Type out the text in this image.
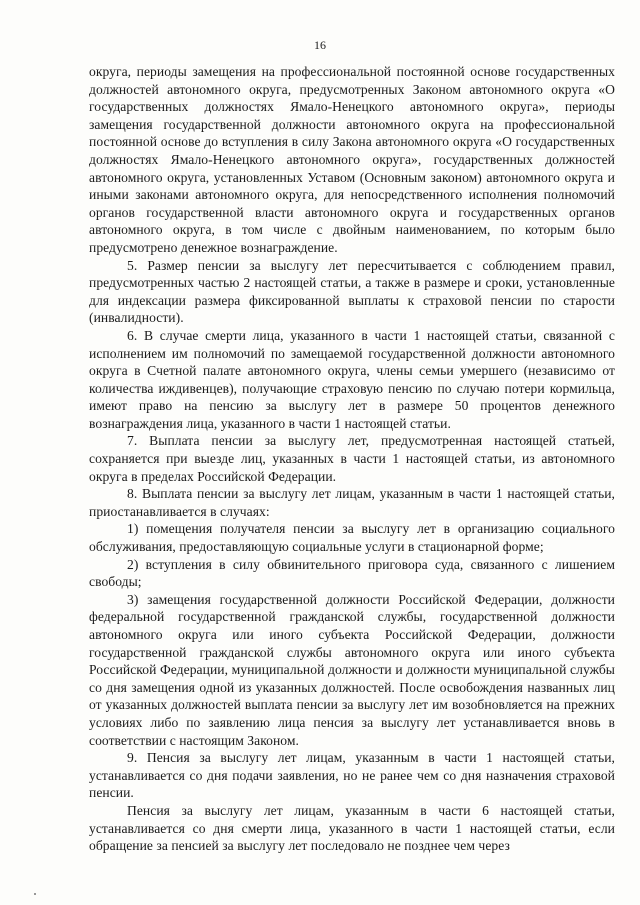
16

округа, периоды замещения на профессиональной постоянной основе государственных должностей автономного округа, предусмотренных Законом автономного округа «О государственных должностях Ямало-Ненецкого автономного округа», периоды замещения государственной должности автономного округа на профессиональной постоянной основе до вступления в силу Закона автономного округа «О государственных должностях Ямало-Ненецкого автономного округа», государственных должностей автономного округа, установленных Уставом (Основным законом) автономного округа и иными законами автономного округа, для непосредственного исполнения полномочий органов государственной власти автономного округа и государственных органов автономного округа, в том числе с двойным наименованием, по которым было предусмотрено денежное вознаграждение.

5. Размер пенсии за выслугу лет пересчитывается с соблюдением правил, предусмотренных частью 2 настоящей статьи, а также в размере и сроки, установленные для индексации размера фиксированной выплаты к страховой пенсии по старости (инвалидности).

6. В случае смерти лица, указанного в части 1 настоящей статьи, связанной с исполнением им полномочий по замещаемой государственной должности автономного округа в Счетной палате автономного округа, члены семьи умершего (независимо от количества иждивенцев), получающие страховую пенсию по случаю потери кормильца, имеют право на пенсию за выслугу лет в размере 50 процентов денежного вознаграждения лица, указанного в части 1 настоящей статьи.

7. Выплата пенсии за выслугу лет, предусмотренная настоящей статьей, сохраняется при выезде лиц, указанных в части 1 настоящей статьи, из автономного округа в пределах Российской Федерации.

8. Выплата пенсии за выслугу лет лицам, указанным в части 1 настоящей статьи, приостанавливается в случаях:

1) помещения получателя пенсии за выслугу лет в организацию социального обслуживания, предоставляющую социальные услуги в стационарной форме;

2) вступления в силу обвинительного приговора суда, связанного с лишением свободы;

3) замещения государственной должности Российской Федерации, должности федеральной государственной гражданской службы, государственной должности автономного округа или иного субъекта Российской Федерации, должности государственной гражданской службы автономного округа или иного субъекта Российской Федерации, муниципальной должности и должности муниципальной службы со дня замещения одной из указанных должностей. После освобождения названных лиц от указанных должностей выплата пенсии за выслугу лет им возобновляется на прежних условиях либо по заявлению лица пенсия за выслугу лет устанавливается вновь в соответствии с настоящим Законом.

9. Пенсия за выслугу лет лицам, указанным в части 1 настоящей статьи, устанавливается со дня подачи заявления, но не ранее чем со дня назначения страховой пенсии.

Пенсия за выслугу лет лицам, указанным в части 6 настоящей статьи, устанавливается со дня смерти лица, указанного в части 1 настоящей статьи, если обращение за пенсией за выслугу лет последовало не позднее чем через
